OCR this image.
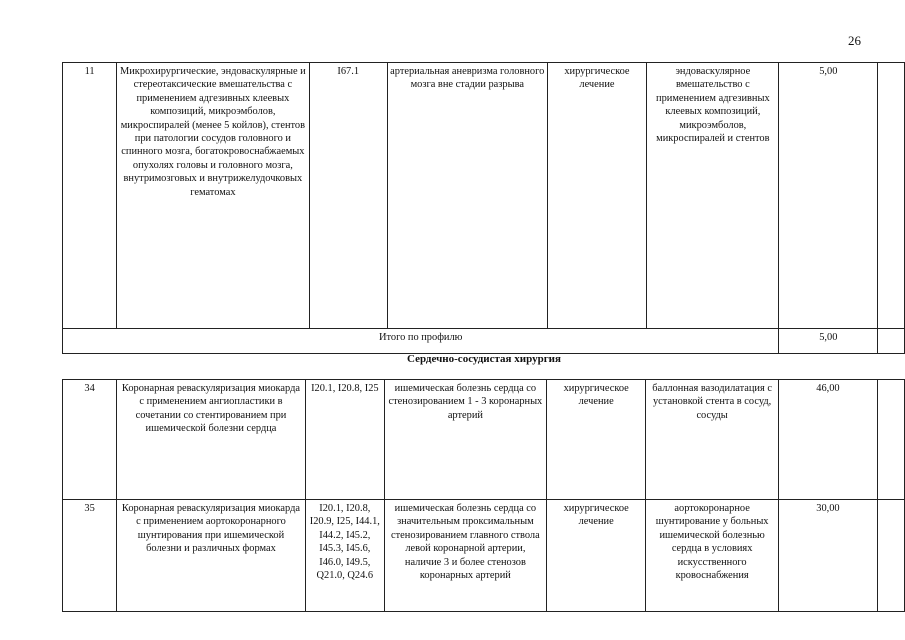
26
11	Микрохирургические, эндоваскулярные и стереотаксические вмешательства с применением адгезивных клеевых композиций, микроэмболов, микроспиралей (менее 5 койлов), стентов при патологии сосудов головного и спинного мозга, богатокровоснабжаемых опухолях головы и головного мозга, внутримозговых и внутрижелудочковых гематомах	I67.1	артериальная аневризма головного мозга вне стадии разрыва	хирургическое лечение	эндоваскулярное вмешательство с применением адгезивных клеевых композиций, микроэмболов, микроспиралей и стентов	5,00	
Итого по профилю						5,00	
Сердечно-сосудистая хирургия
34	Коронарная реваскуляризация миокарда с применением ангиопластики в сочетании со стентированием при ишемической болезни сердца	I20.1, I20.8, I25	ишемическая болезнь сердца со стенозированием 1 - 3 коронарных артерий	хирургическое лечение	баллонная вазодилатация с установкой стента в сосуд, сосуды	46,00	
35	Коронарная реваскуляризация миокарда с применением аортокоронарного шунтирования при ишемической болезни и различных формах	I20.1, I20.8, I20.9, I25, I44.1, I44.2, I45.2, I45.3, I45.6, I46.0, I49.5, Q21.0, Q24.6	ишемическая болезнь сердца со значительным проксимальным стенозированием главного ствола левой коронарной артерии, наличие 3 и более стенозов коронарных артерий	хирургическое лечение	аортокоронарное шунтирование у больных ишемической болезнью сердца в условиях искусственного кровоснабжения	30,00	
